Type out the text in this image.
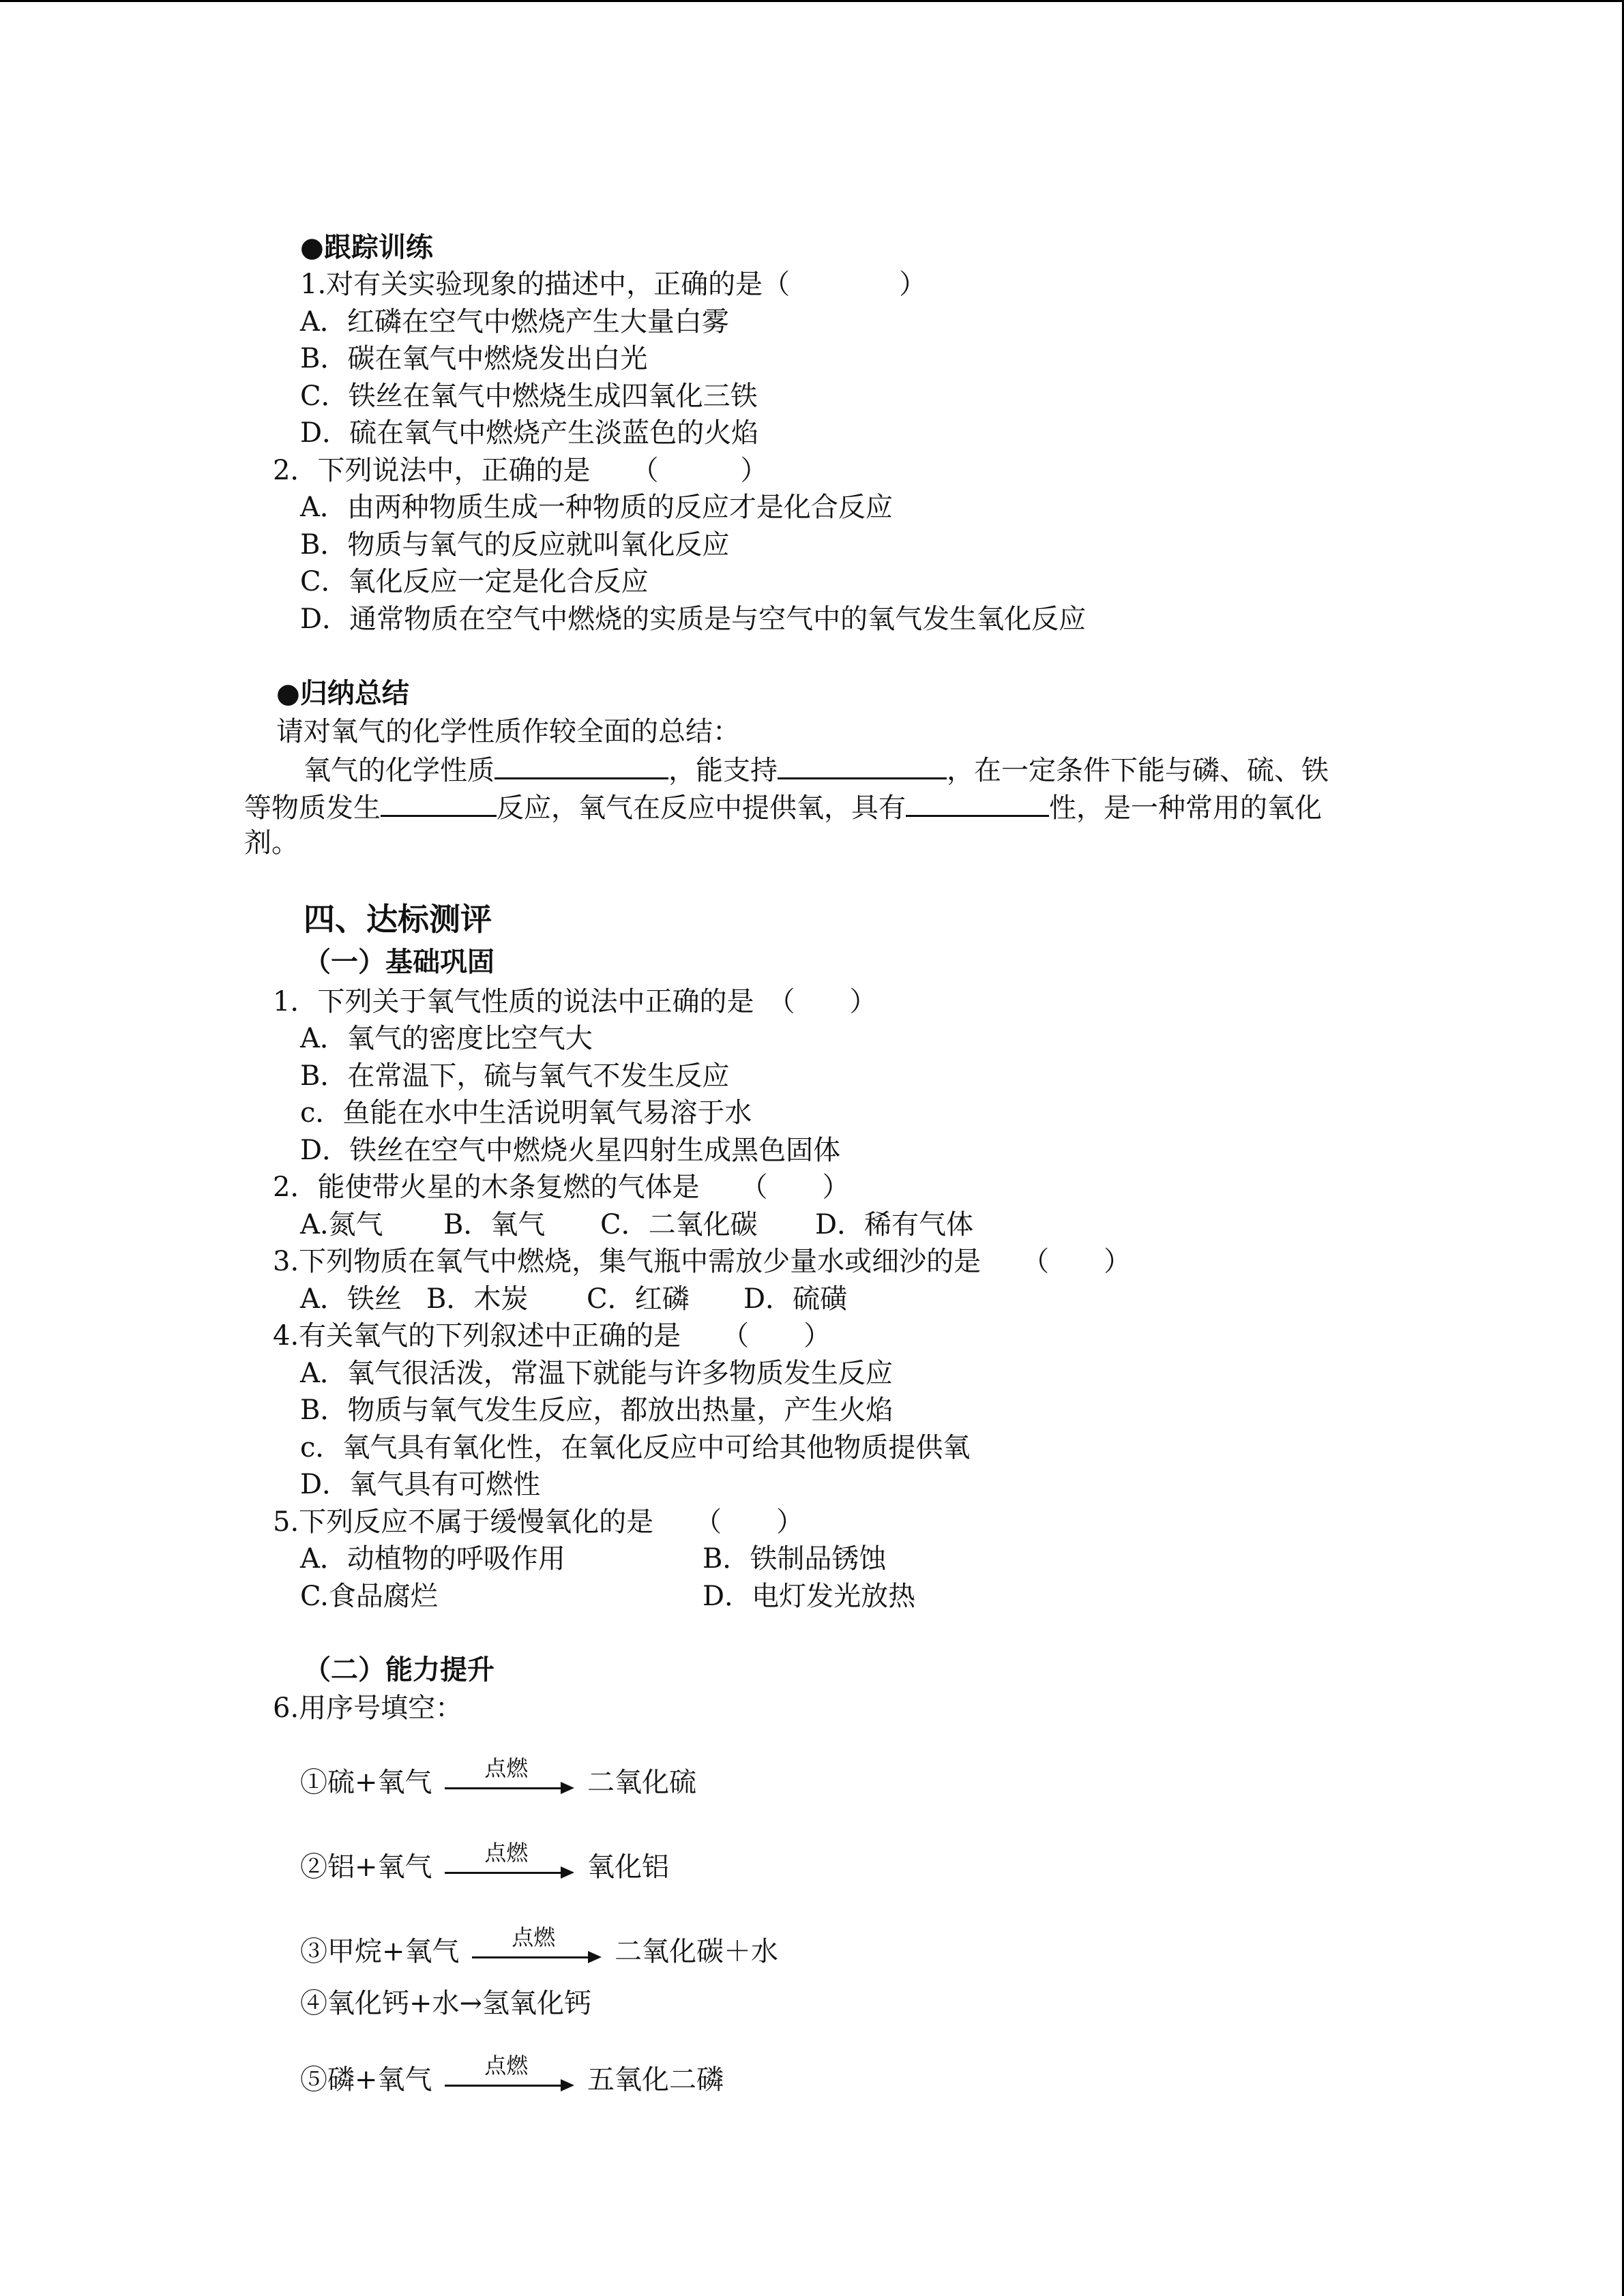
●跟踪训练
1.对有关实验现象的描述中，正确的是（　　　　）
A．红磷在空气中燃烧产生大量白雾
B．碳在氧气中燃烧发出白光
C．铁丝在氧气中燃烧生成四氧化三铁
D．硫在氧气中燃烧产生淡蓝色的火焰
2．下列说法中，正确的是　　（　　　）
A．由两种物质生成一种物质的反应才是化合反应
B．物质与氧气的反应就叫氧化反应
C．氧化反应一定是化合反应
D．通常物质在空气中燃烧的实质是与空气中的氧气发生氧化反应
●归纳总结
请对氧气的化学性质作较全面的总结：
氧气的化学性质	，能支持	，在一定条件下能与磷、硫、铁
等物质发生	反应，氧气在反应中提供氧，具有	性，是一种常用的氧化
剂。
四、达标测评
（一）基础巩固
1．下列关于氧气性质的说法中正确的是　（　　）
A．氧气的密度比空气大
B．在常温下，硫与氧气不发生反应
c．鱼能在水中生活说明氧气易溶于水
D．铁丝在空气中燃烧火星四射生成黑色固体
2．能使带火星的木条复燃的气体是　　（　　）
A.氮气 B．氧气 C．二氧化碳 D．稀有气体
3.下列物质在氧气中燃烧，集气瓶中需放少量水或细沙的是　　（　　）
A．铁丝 B．木炭 C．红磷 D．硫磺
4.有关氧气的下列叙述中正确的是　　（　　）
A．氧气很活泼，常温下就能与许多物质发生反应
B．物质与氧气发生反应，都放出热量，产生火焰
c．氧气具有氧化性，在氧化反应中可给其他物质提供氧
D．氧气具有可燃性
5.下列反应不属于缓慢氧化的是　　（　　）
A．动植物的呼吸作用	B．铁制品锈蚀
C.食品腐烂	D．电灯发光放热
（二）能力提升
6.用序号填空：
①硫+氧气	点燃	二氧化硫
②铝+氧气	点燃	氧化铝
③甲烷+氧气	点燃	二氧化碳＋水
④氧化钙+水→氢氧化钙
⑤磷+氧气	点燃	五氧化二磷
